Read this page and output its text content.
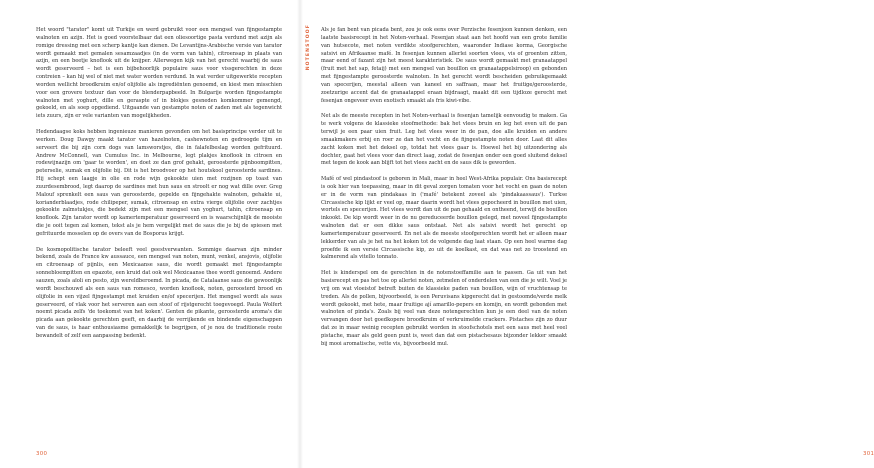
Het woord "tarator" komt uit Turkije en werd gebruikt voor een mengsel van fijngestampte walnoten en azijn. Het is goed voorstelbaar dat een oliesoortige pasta verdund met azijn als romige dressing met een scherp kantje kan dienen. De Levantijns-Arabische versie van tarator wordt gemaakt met gemalen sesamzaadjes (in de vorm van tahin), citroensap in plaats van azijn, en een beetje knoflook uit de knijper. Allerwegen kijk van het gerecht waarbij de saus wordt geserveerd – het is een bijbehoorlijk populaire saus voor vissgerechten in deze contreien – kan hij wel of niet met water worden verdund. In wat verder uitgewerkte recepten worden wellicht broodkruim en/of olijfolie als ingrediënten genoemd, en kiest men misschien voor een grovere textuur dan voor de blenderpapbeeld. In Bulgarije worden fijngestampte walnoten met yoghurt, dille en geraspte of in blokjes gesneden komkommer gemengd, gekoeld, en als soep opgediend. Uitgaande van gestampte noten of zaden met als tegenwicht iets zuurs, zijn er vele varianten van mogelijkheden.

Hedendaagse koks hebben ingenieuze manieren gevonden om het basisprincipe verder uit te werken. Doug Dawgy maakt tarator van hazelnoten, cashewnoten en gedroogde tijm en serveert die bij zijn corn dogs van lamsworstjes, die in falafelbeslag worden gefrituurd. Andrew McConnell, van Cumulus Inc. in Melbourne, legt plakjes knoflook in citroen en rodewijnazijn om 'gaar te worden', en doet ze dan grof gehakt, geroosterde pijnboompitten, peterselie, sumak en olijfolie bij. Dit is het broodvoer op het houtskool geroosterde sardines. Hij schept een laagje in olie en rode wijn gekookte uien met rozijnen op toast van zuurdesembrood, legt daarop de sardines met hun saus en stroolt er nog wat dille over. Greg Malouf sprenkelt een saus van geroosterde, gepelde en fijngehakte walnoten, gehakte ui, korianderblaadjes, rode chilipeper, sumak, citroensap en extra vierge olijfolie over zachtjes gekookte zalmstukjes, die bedekt zijn met een mengsel van yoghurt, tahin, citroensap en knoflook. Zijn tarator wordt op kamertemperatuur geserveerd en is waarschijnlijk de mooiste die je ooit tegen zal komen, tekst als je hem vergelijkt met de saus die je bij de spiesen met gefrituurde mosselen op de overs van de Bosporus krijgt.

De kosmopolitische tarator beleeft veel geestverwanten. Sommige daarvan zijn minder bekend, zoals de France kw aussauce, een mengsel van noten, munt, venkel, ansjovis, olijfolie en citroensap of pijnlis, een Mexicaanse saus, die wordt gemaakt met fijngestampte sonnebloempitten en epazote, een kruid dat ook wel Mexicaanse thee wordt genoemd. Andere sauzen, zoals aïoli en pesto, zijn wereldberoemd. In picada, de Catalaanse saus die gewoonlijk wordt beschouwd als een saus van romesco, worden knoflook, noten, geroosterd brood en olijfolie in een vijzel fijngestampt met kruiden en/of specerijen. Het mengsel wordt als saus geserveerd, of vlak voor het serveren aan een stoof of rijstgerecht toegevoegd. Paula Wolfert noemt picada zelfs 'de toekomst van het koken'. Genten de pikante, geroosterde aroma's die picada aan gekookte gerechten geeft, en daarbij de verrijkende en bindende eigenschappen van de saus, is haar enthousiasme gemakkelijk te begrijpen, of je nou de traditionele route bewandelt of zelf een aanpassing bedenkt.

300	301
NOTENSTOOF Als je fan bent van picada bent, zou je ook eens over Perzische fesenjoon kunnen denken, een laatste basisrecept in het Noten-verhaal. Fesenjan staat aan het hoofd van een grote familie van hutsecote, met noten verdikte stoofgerechten, waaronder Indiase korma, Georgische satsivi en Afrikaanse mafé. In fesenjan kunnen allerlei soorten vlees, vis of groenten zitten, maar eend of fazant zijn het meest karakteristiek. De saus wordt gemaakt met granaatappel (fruit met het sap, fetaij) met een mengsel van bouillon en granaatappelsiroop) en gebonden met fijngestampte geroosterde walnoten. In het gerecht wordt bescheiden gebruikgemaakt van specerijen, meestal alleen van kaneel en saffraan, maar het fruitige/geroosterde, zoetzurige accent dat de granaatappel eraan bijdraagt, maakt dit een tijdloze gerecht met fesenjan ongeveer even exotisch smaakt als fris kiwi-vibe.

Net als de meeste recepten in het Noten-verhaal is fesenjan tamelijk eenvoudig te maken. Ga te werk volgens de klassieke stoofmethode: bak het vlees bruin en leg het even uit de pan terwijl je een paar uien fruit. Leg het vlees weer in de pan, doe alle kruiden en andere smaakmakers erbij en roer ze dan het vocht en de fijngestampte noten door. Laat dit alles zacht koken met het deksel op, totdat het vlees gaar is. Hoewel het bij uitzondering als dochter, gaat het vlees voor dan direct laag, zodat de fesenjan onder een goed sluitend deksel met tegen de kook aan blijft tot het vlees zacht en de saus dik is geworden.

Mafé of wel pindastoof is geboren in Mali, maar in heel West-Afrika populair. Ons basisrecept is ook hier van toepassing, maar in dit geval zorgen tomaten voor het vocht en gaan de noten er in de vorm van pindakaas in ('mafé' betekent zoveel als 'pindakaassaus'). Turkse Circassische kip lijkt er veel op, maar daarin wordt het vlees gepocheerd in bouillon met uien, wortels en specerijen. Het vlees wordt dan uit de pan gehaald en ontheend, terwijl de bouillon inkookt. De kip wordt weer in de nu gereduceerde bouillon gelegd, met noveel fijngestampte walnoten dat er een dikke saus ontstaat. Net als satsivi wordt het gerecht op kamertemperatuur geserveerd. En net als de meeste stoofgerechten wordt het er alleen maar lekkerder van als je het na het koken tot de volgende dag laat staan. Op een heel warme dag proefde ik een versie Circassische kip, zo uit de koelkast, en dat was net zo troostend en kalmerend als vitello tonnato.

Het is kinderspel om de gerechten in de notenstoeffamilie aan te passen. Ga uit van het basisrecept en pas het toe op allerlei noten, zetmelen of onderdelen van een die je wilt. Voel je vrij om wat vloeistof betreft buiten de klassieke paden van bouillon, wijn of vruchtensap te treden. Als de pollen, bijvoorbeeld, is een Peruvisans kipgerecht dat in gestoomde/verde melk wordt gekookt, met hete, maar fruitige ají amarillo-pepers en komijn, en wordt gebonden met walnoten of pinda's. Zoals bij veel van deze notengerechten kun je een deel van de noten vervangen door het goedkopere broodkruim of verkruimelde crackers. Pistaches zijn zo duur dat ze in maar weinig recepten gebruikt worden in stoofschotels met een saus met heel veel pistache, maar als geld geen punt is, weet dan dat een pistachesaus bijzonder lekker smaakt bij mooi aromatische, vette vis, bijvoorbeeld mul.
